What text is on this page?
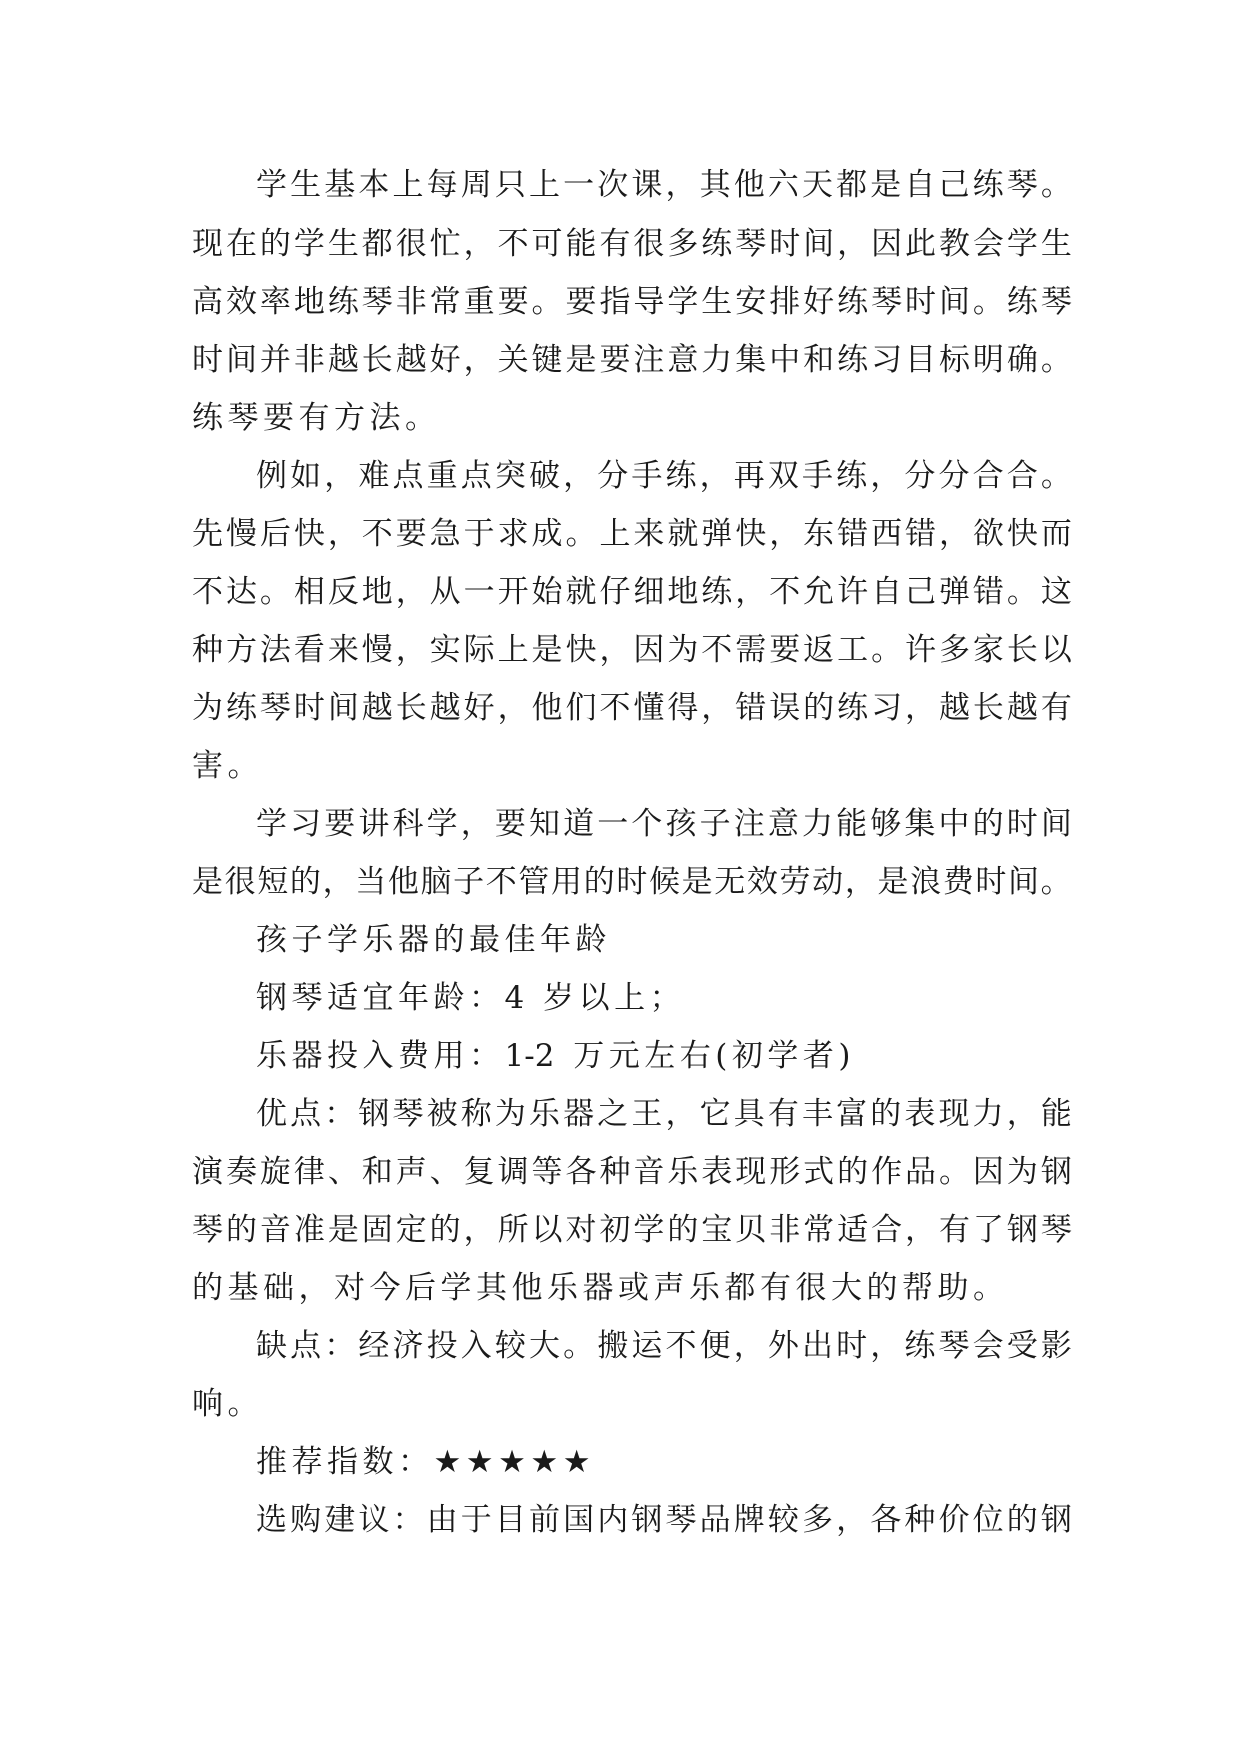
学 生 基 本 上 每 周 只 上 一 次 课 ， 其 他 六 天 都 是 自 己 练 琴 。
现 在 的 学 生 都 很 忙 ， 不 可 能 有 很 多 练 琴 时 间 ， 因 此 教 会 学 生
高 效 率 地 练 琴 非 常 重 要 。 要 指 导 学 生 安 排 好 练 琴 时 间 。 练 琴
时 间 并 非 越 长 越 好 ， 关 键 是 要 注 意 力 集 中 和 练 习 目 标 明 确 。
练 琴 要 有 方 法 。
例 如 ， 难 点 重 点 突 破 ， 分 手 练 ， 再 双 手 练 ， 分 分 合 合 。
先 慢 后 快 ， 不 要 急 于 求 成 。 上 来 就 弹 快 ， 东 错 西 错 ， 欲 快 而
不 达 。 相 反 地 ， 从 一 开 始 就 仔 细 地 练 ， 不 允 许 自 己 弹 错 。 这
种 方 法 看 来 慢 ， 实 际 上 是 快 ， 因 为 不 需 要 返 工 。 许 多 家 长 以
为 练 琴 时 间 越 长 越 好 ， 他 们 不 懂 得 ， 错 误 的 练 习 ， 越 长 越 有
害 。
学 习 要 讲 科 学 ， 要 知 道 一 个 孩 子 注 意 力 能 够 集 中 的 时 间
是 很 短 的 ， 当 他 脑 子 不 管 用 的 时 候 是 无 效 劳 动 ， 是 浪 费 时 间 。
孩 子 学 乐 器 的 最 佳 年 龄
钢 琴 适 宜 年 龄 ： 4
岁 以 上 ；
乐 器 投 入 费 用 ： 1-2
万 元 左 右 ( 初 学 者 )
优 点 ： 钢 琴 被 称 为 乐 器 之 王 ， 它 具 有 丰 富 的 表 现 力 ， 能
演 奏 旋 律 、 和 声 、 复 调 等 各 种 音 乐 表 现 形 式 的 作 品 。 因 为 钢
琴 的 音 准 是 固 定 的 ， 所 以 对 初 学 的 宝 贝 非 常 适 合 ， 有 了 钢 琴
的 基 础 ， 对 今 后 学 其 他 乐 器 或 声 乐 都 有 很 大 的 帮 助 。
缺 点 ： 经 济 投 入 较 大 。 搬 运 不 便 ， 外 出 时 ， 练 琴 会 受 影
响 。
推 荐 指 数 ： ★ ★ ★ ★ ★
选 购 建 议 ： 由 于 目 前 国 内 钢 琴 品 牌 较 多 ， 各 种 价 位 的 钢
